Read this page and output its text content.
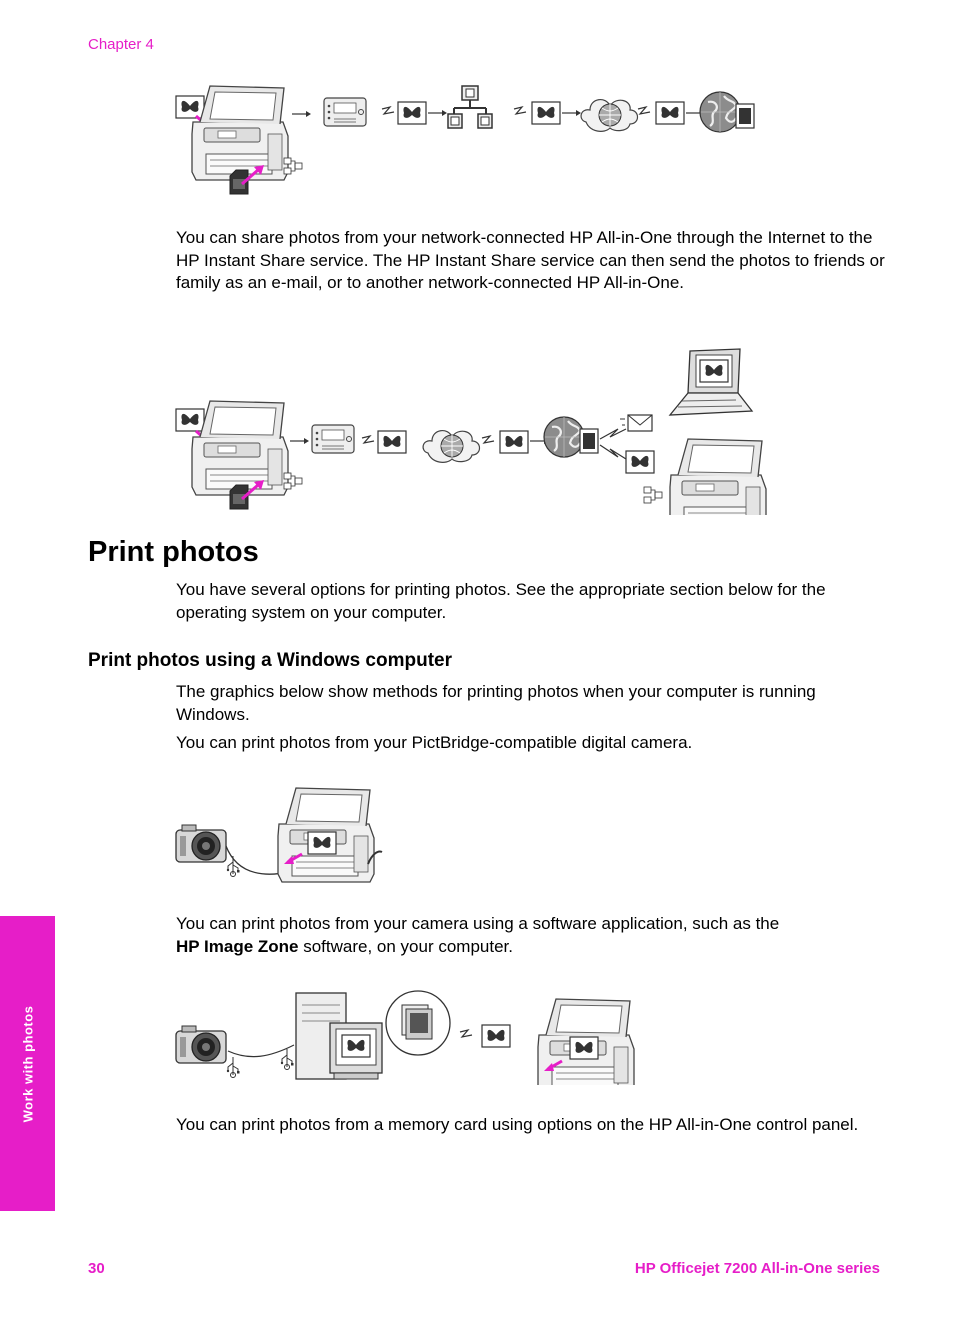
Chapter 4

You can share photos from your network-connected HP All-in-One through the Internet to the HP Instant Share service. The HP Instant Share service can then send the photos to friends or family as an e-mail, or to another network-connected HP All-in-One.

Print photos

You have several options for printing photos. See the appropriate section below for the operating system on your computer.

Print photos using a Windows computer

The graphics below show methods for printing photos when your computer is running Windows.

You can print photos from your PictBridge-compatible digital camera.

You can print photos from your camera using a software application, such as the
HP Image Zone software, on your computer.

You can print photos from a memory card using options on the HP All-in-One control panel.

Work with photos
30	HP Officejet 7200 All-in-One series
